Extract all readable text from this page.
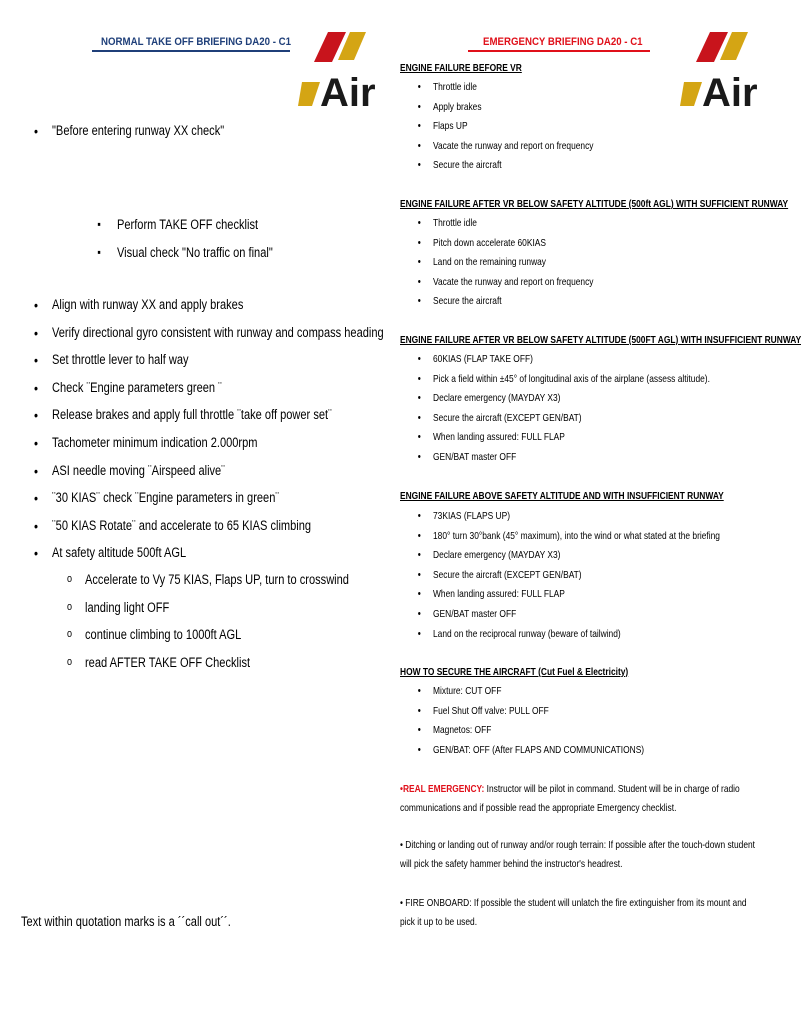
NORMAL TAKE OFF BRIEFING DA20 - C1	EMERGENCY BRIEFING DA20 - C1
Air	Air
• "Before entering runway XX check"
▪ Perform TAKE OFF checklist
▪ Visual check "No traffic on final"
• Align with runway XX and apply brakes
• Verify directional gyro consistent with runway and compass heading
• Set throttle lever to half way
• Check ¨Engine parameters green ¨
• Release brakes and apply full throttle ¨take off power set¨
• Tachometer minimum indication 2.000rpm
• ASI needle moving ¨Airspeed alive¨
• ¨30 KIAS¨ check ¨Engine parameters in green¨
• ¨50 KIAS Rotate¨ and accelerate to 65 KIAS climbing
• At safety altitude 500ft AGL
o Accelerate to Vy 75 KIAS, Flaps UP, turn to crosswind
o landing light OFF
o continue climbing to 1000ft AGL
o read AFTER TAKE OFF Checklist
Text within quotation marks is a ´´call out´´.
ENGINE FAILURE BEFORE VR
• Throttle idle
• Apply brakes
• Flaps UP
• Vacate the runway and report on frequency
• Secure the aircraft
ENGINE FAILURE AFTER VR BELOW SAFETY ALTITUDE (500ft AGL) WITH SUFFICIENT RUNWAY
• Throttle idle
• Pitch down accelerate 60KIAS
• Land on the remaining runway
• Vacate the runway and report on frequency
• Secure the aircraft
ENGINE FAILURE AFTER VR BELOW SAFETY ALTITUDE (500FT AGL) WITH INSUFFICIENT RUNWAY
• 60KIAS (FLAP TAKE OFF)
• Pick a field within ±45° of longitudinal axis of the airplane (assess altitude).
• Declare emergency (MAYDAY X3)
• Secure the aircraft (EXCEPT GEN/BAT)
• When landing assured: FULL FLAP
• GEN/BAT master OFF
ENGINE FAILURE ABOVE SAFETY ALTITUDE AND WITH INSUFFICIENT RUNWAY
• 73KIAS (FLAPS UP)
• 180° turn 30°bank (45° maximum), into the wind or what stated at the briefing
• Declare emergency (MAYDAY X3)
• Secure the aircraft (EXCEPT GEN/BAT)
• When landing assured: FULL FLAP
• GEN/BAT master OFF
• Land on the reciprocal runway (beware of tailwind)
HOW TO SECURE THE AIRCRAFT (Cut Fuel & Electricity)
• Mixture: CUT OFF
• Fuel Shut Off valve: PULL OFF
• Magnetos: OFF
• GEN/BAT: OFF (After FLAPS AND COMMUNICATIONS)
•REAL EMERGENCY: Instructor will be pilot in command. Student will be in charge of radio communications and if possible read the appropriate Emergency checklist.
• Ditching or landing out of runway and/or rough terrain: If possible after the touch-down student will pick the safety hammer behind the instructor's headrest.
• FIRE ONBOARD: If possible the student will unlatch the fire extinguisher from its mount and pick it up to be used.
